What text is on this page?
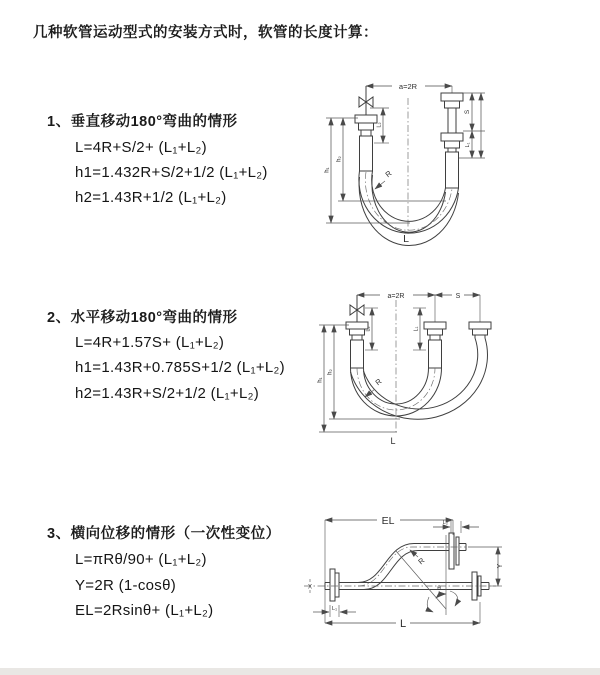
几种软管运动型式的安装方式时，软管的长度计算：
1、垂直移动180°弯曲的情形
L=4R+S/2+ (L₁+L₂)
h1=1.432R+S/2+1/2 (L₁+L₂)
h2=1.43R+1/2 (L₁+L₂)
2、水平移动180°弯曲的情形
L=4R+1.57S+ (L₁+L₂)
h1=1.43R+0.785S+1/2 (L₁+L₂)
h2=1.43R+S/2+1/2 (L₁+L₂)
3、横向位移的情形（一次性变位）
L=πRθ/90+ (L₁+L₂)
Y=2R (1-cosθ)
EL=2Rsinθ+ (L₁+L₂)
a=2R
h₁
h₂
L₂
S
L₁
R
L
a=2R	S
h₁
h₂
L₂	L₁
R
L
EL	L₂
θ
R	Y
L
L₁
X
